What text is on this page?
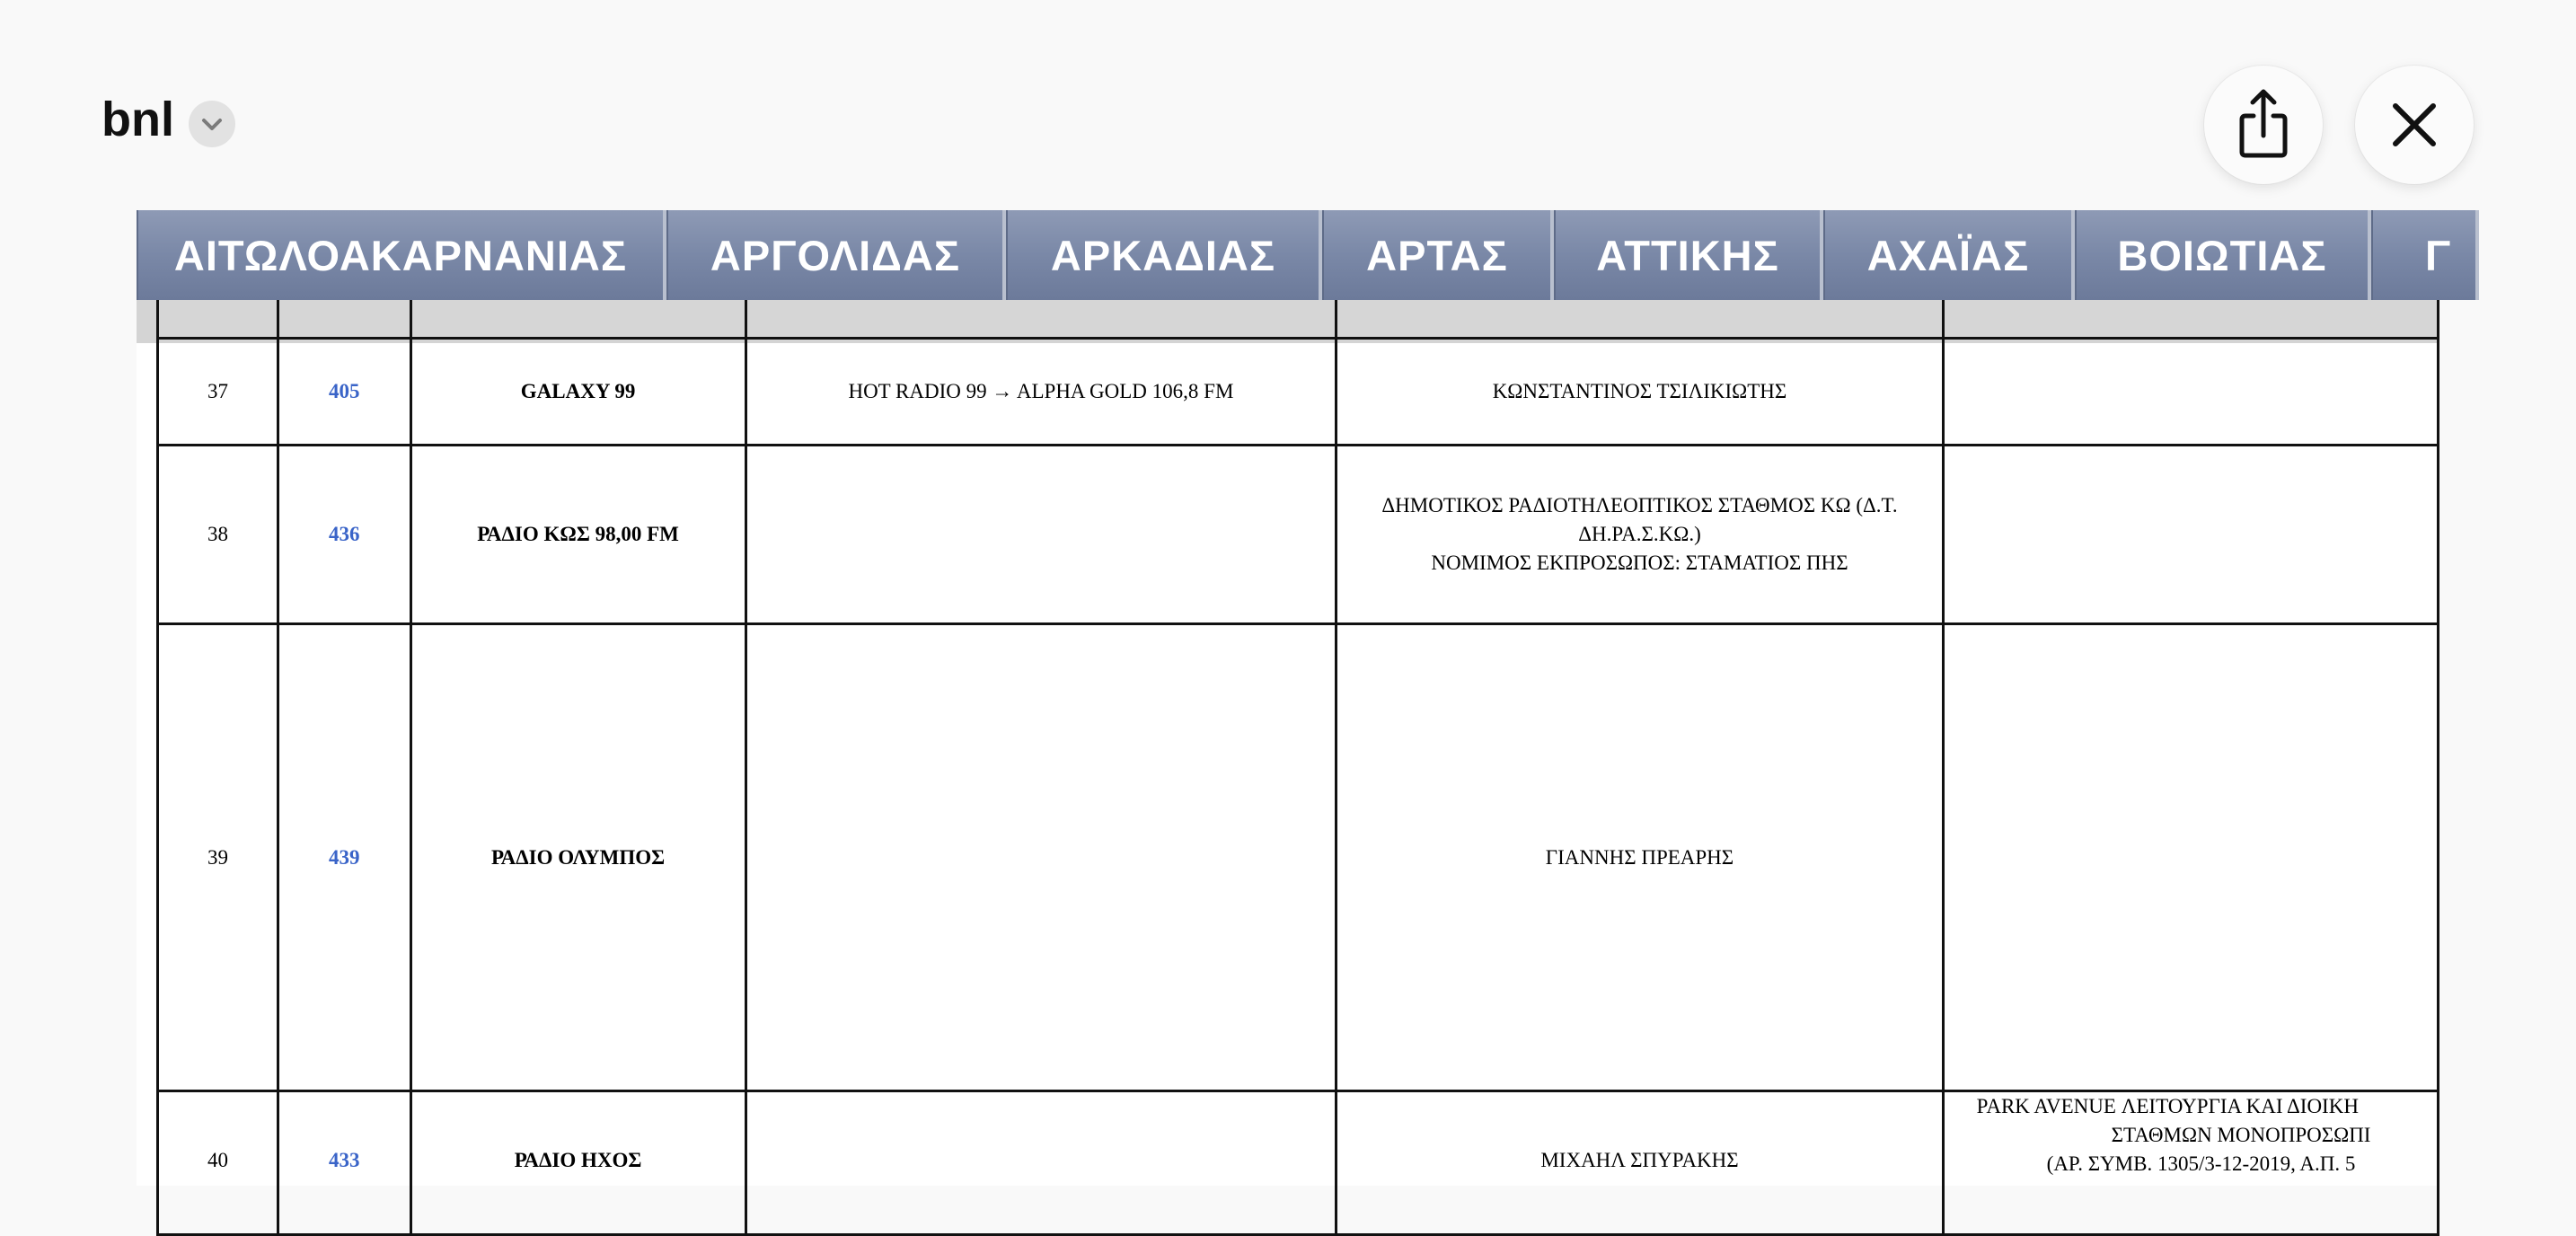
bnl

37	405	GALAXY 99	HOT RADIO 99 → ALPHA GOLD 106,8 FM	ΚΩΝΣΤΑΝΤΙΝΟΣ ΤΣΙΛΙΚΙΩΤΗΣ	

38	436	ΡΑΔΙΟ ΚΩΣ 98,00 FM		ΔΗΜΟΤΙΚΟΣ ΡΑΔΙΟΤΗΛΕΟΠΤΙΚΟΣ ΣΤΑΘΜΟΣ ΚΩ (Δ.Τ.
ΔΗ.ΡΑ.Σ.ΚΩ.)
ΝΟΜΙΜΟΣ ΕΚΠΡΟΣΩΠΟΣ: ΣΤΑΜΑΤΙΟΣ ΠΗΣ	

39	439	ΡΑΔΙΟ ΟΛΥΜΠΟΣ		ΓΙΑΝΝΗΣ ΠΡΕΑΡΗΣ	

40	433	ΡΑΔΙΟ ΗΧΟΣ		ΜΙΧΑΗΛ ΣΠΥΡΑΚΗΣ	PARK AVENUE ΛΕΙΤΟΥΡΓΙΑ ΚΑΙ ΔΙΟΙΚΗ
ΣΤΑΘΜΩΝ ΜΟΝΟΠΡΟΣΩΠΙ
(ΑΡ. ΣΥΜΒ. 1305/3-12-2019, Α.Π. 5
ΑΙΤΩΛΟΑΚΑΡΝΑΝΙΑΣ	ΑΡΓΟΛΙΔΑΣ	ΑΡΚΑΔΙΑΣ	ΑΡΤΑΣ	ΑΤΤΙΚΗΣ	ΑΧΑΪΑΣ	ΒΟΙΩΤΙΑΣ	Γ
